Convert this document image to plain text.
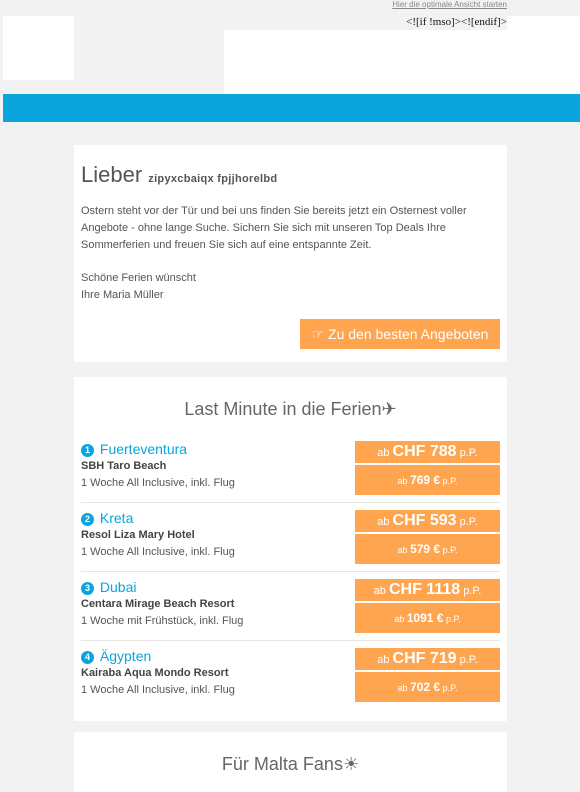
Hier die optimale Ansicht starten
<![if !mso]><![endif]>
Lieber zipyxcbaiqx fpjjhorelbd

Ostern steht vor der Tür und bei uns finden Sie bereits jetzt ein Osternest voller Angebote - ohne lange Suche. Sichern Sie sich mit unseren Top Deals Ihre Sommerferien und freuen Sie sich auf eine entspannte Zeit.

Schöne Ferien wünscht
Ihre Maria Müller
☞ Zu den besten Angeboten
Last Minute in die Ferien✈
1 Fuerteventura
SBH Taro Beach
1 Woche All Inclusive, inkl. Flug
ab CHF 788 p.P.
ab 769 € p.P.
2 Kreta
Resol Liza Mary Hotel
1 Woche All Inclusive, inkl. Flug
ab CHF 593 p.P.
ab 579 € p.P.
3 Dubai
Centara Mirage Beach Resort
1 Woche mit Frühstück, inkl. Flug
ab CHF 1118 p.P.
ab 1091 € p.P.
4 Ägypten
Kairaba Aqua Mondo Resort
1 Woche All Inclusive, inkl. Flug
ab CHF 719 p.P.
ab 702 € p.P.
Für Malta Fans☀
